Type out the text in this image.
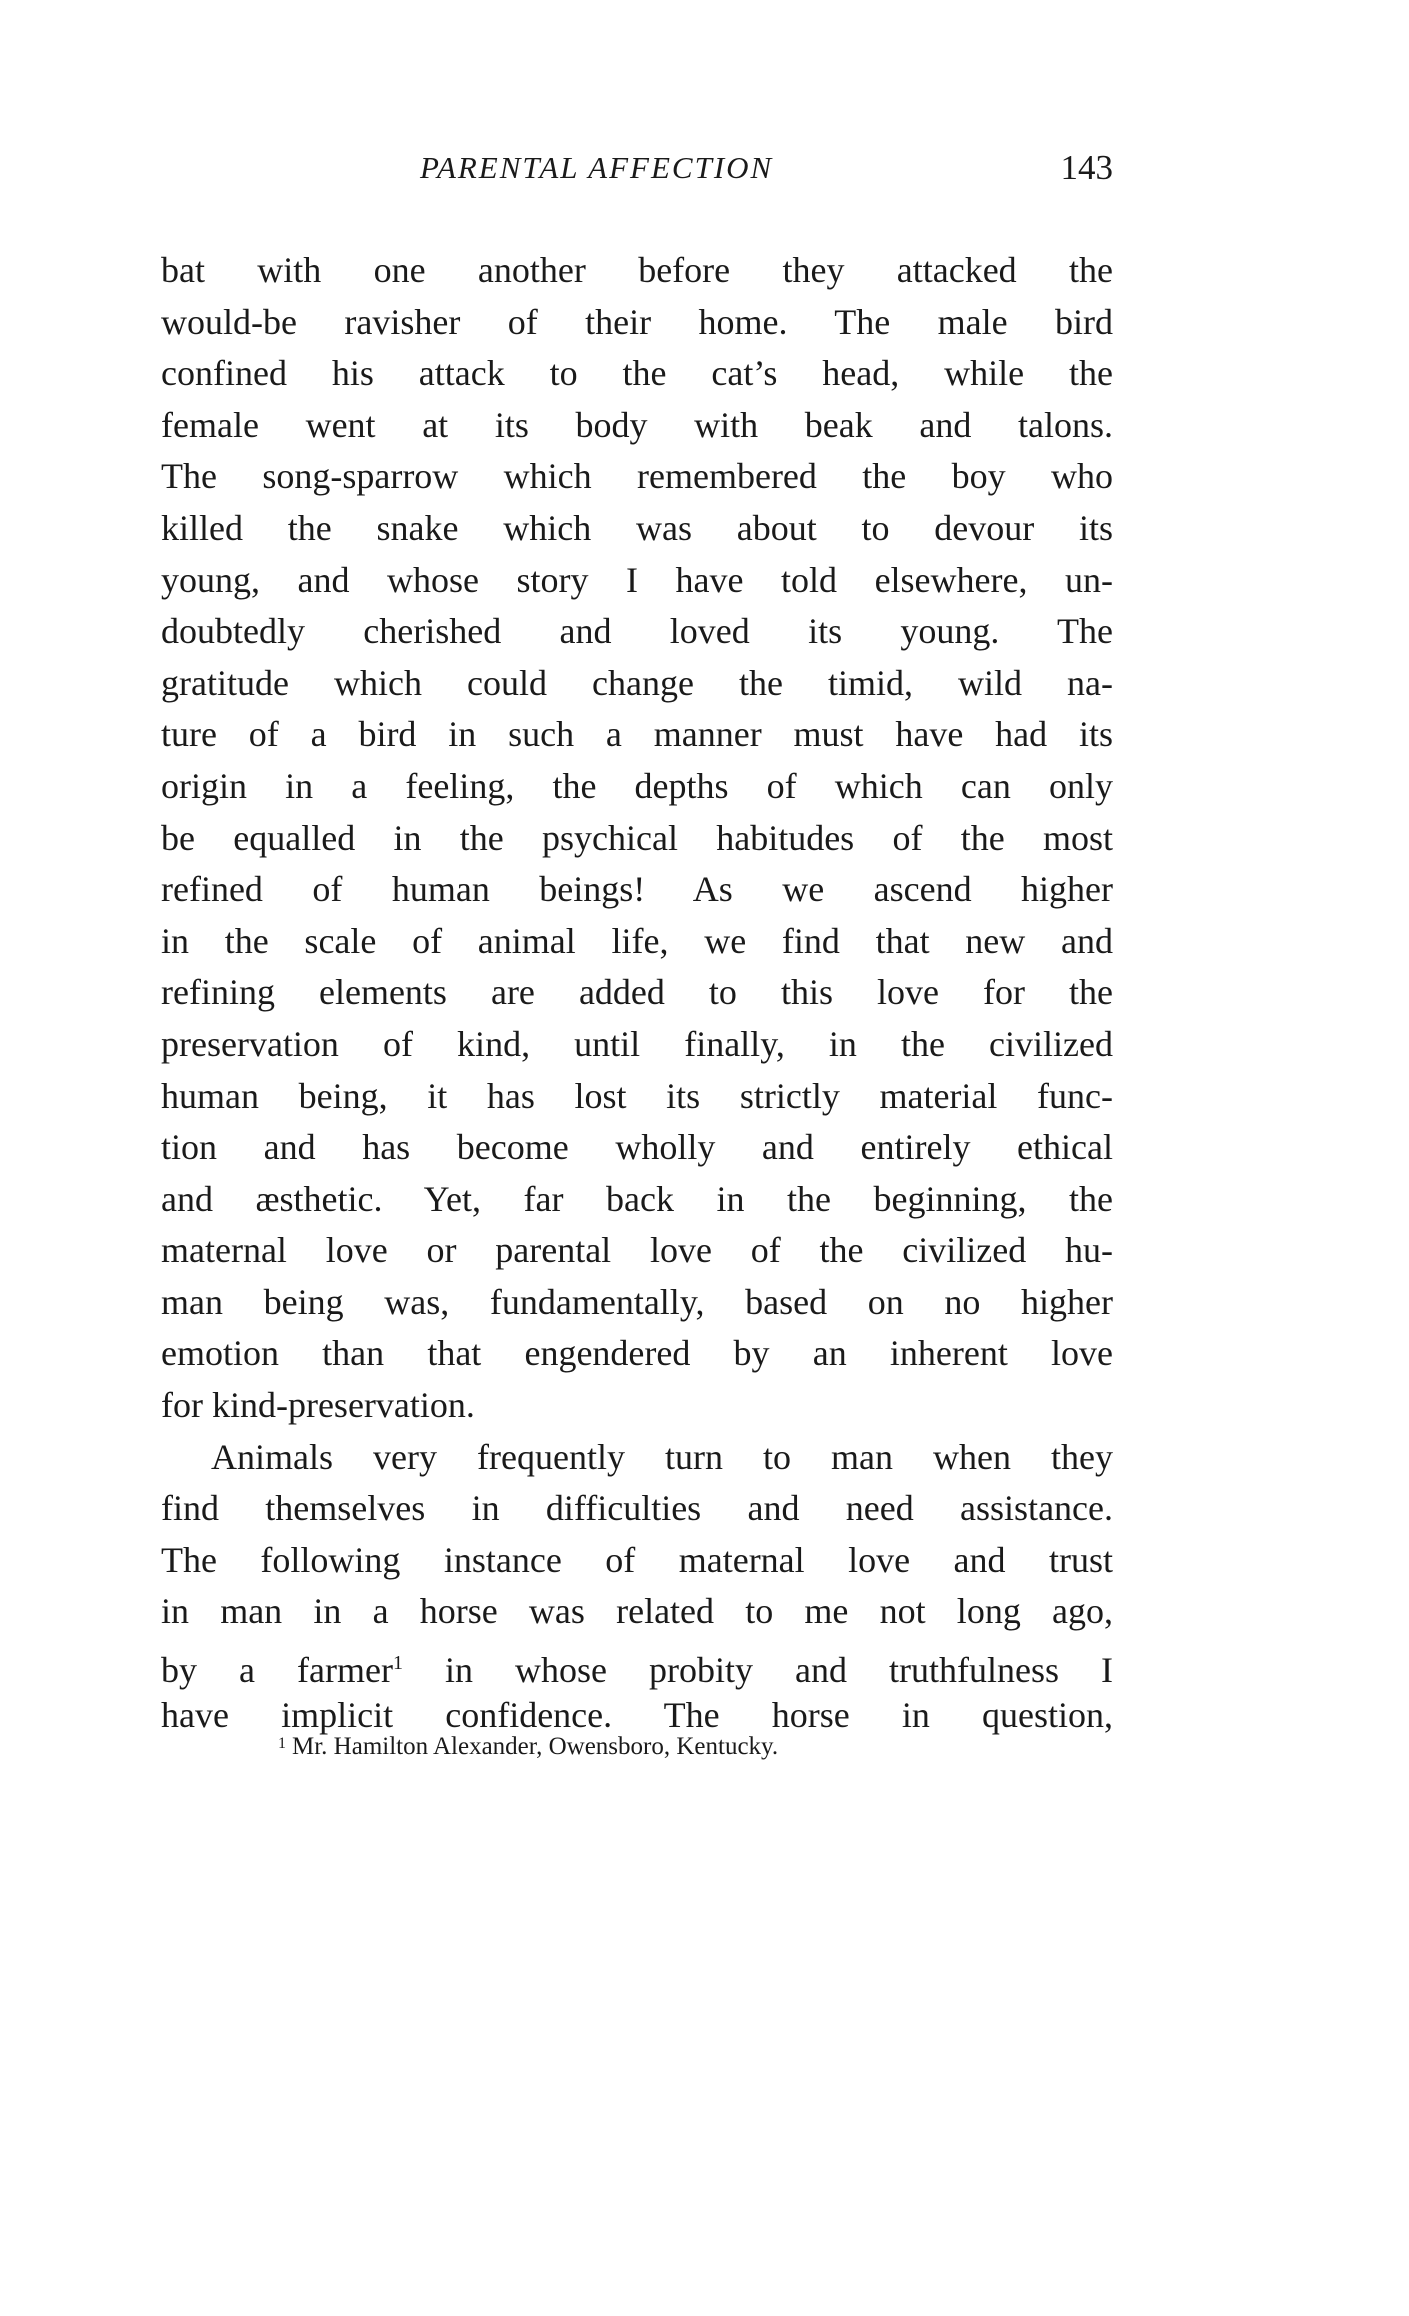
PARENTAL AFFECTION	143
bat with one another before they attacked the
would-be ravisher of their home. The male bird
confined his attack to the cat’s head, while the
female went at its body with beak and talons.
The song-sparrow which remembered the boy who
killed the snake which was about to devour its
young, and whose story I have told elsewhere, un-
doubtedly cherished and loved its young. The
gratitude which could change the timid, wild na-
ture of a bird in such a manner must have had its
origin in a feeling, the depths of which can only
be equalled in the psychical habitudes of the most
refined of human beings! As we ascend higher
in the scale of animal life, we find that new and
refining elements are added to this love for the
preservation of kind, until finally, in the civilized
human being, it has lost its strictly material func-
tion and has become wholly and entirely ethical
and æsthetic. Yet, far back in the beginning, the
maternal love or parental love of the civilized hu-
man being was, fundamentally, based on no higher
emotion than that engendered by an inherent love
for kind-preservation.
Animals very frequently turn to man when they
find themselves in difficulties and need assistance.
The following instance of maternal love and trust
in man in a horse was related to me not long ago,
by a farmer$^1$ in whose probity and truthfulness I
have implicit confidence. The horse in question,
$^1$ Mr. Hamilton Alexander, Owensboro, Kentucky.
